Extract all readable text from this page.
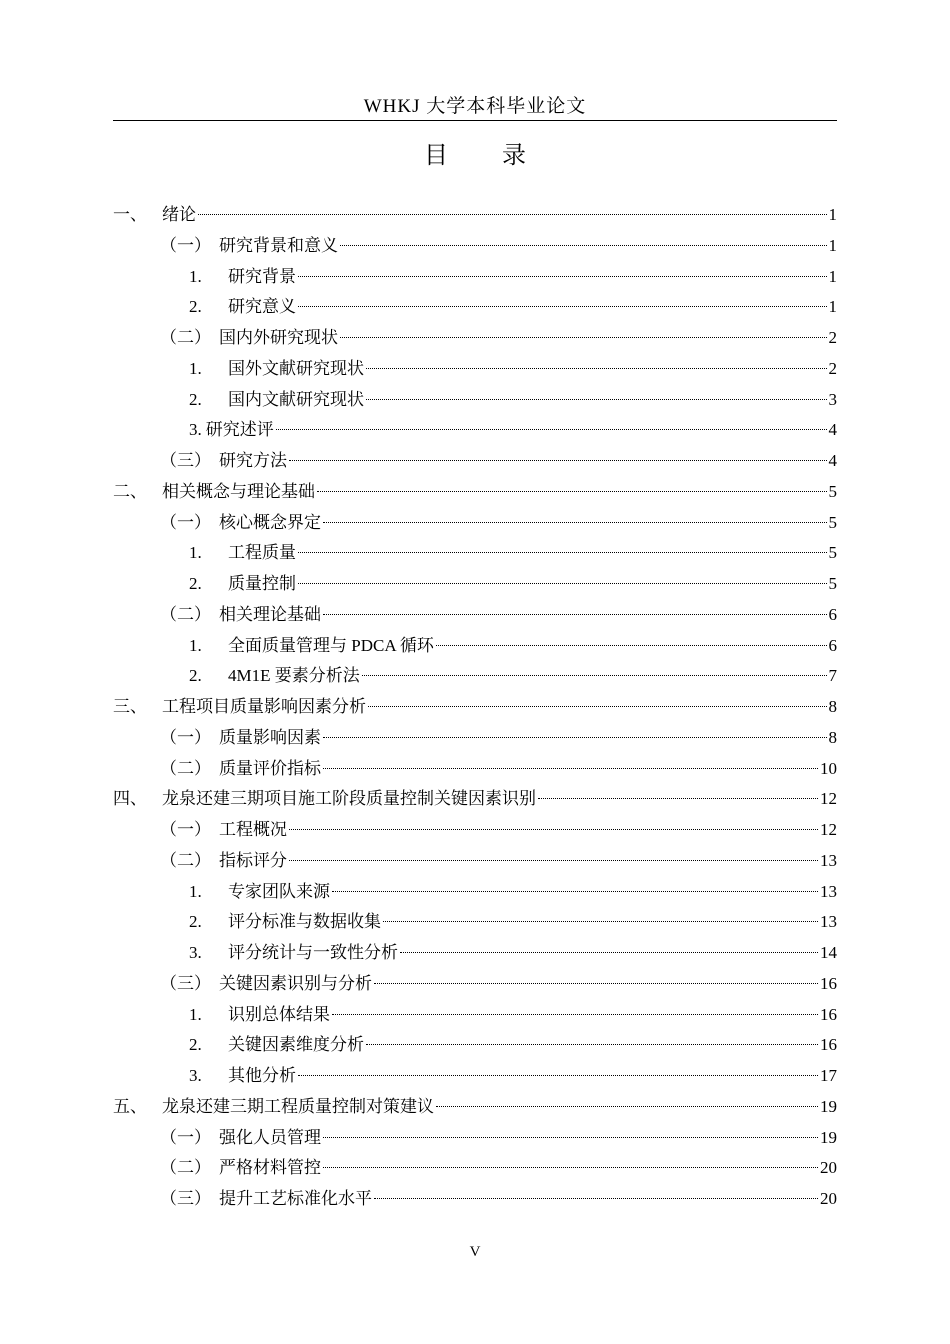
WHKJ 大学本科毕业论文
目 录
一、 绪论	1
（一） 研究背景和意义	1
1.	研究背景	1
2.	研究意义	1
（二） 国内外研究现状	2
1.	国外文献研究现状	2
2.	国内文献研究现状	3
3. 研究述评	4
（三） 研究方法	4
二、 相关概念与理论基础	5
（一） 核心概念界定	5
1.	工程质量	5
2.	质量控制	5
（二） 相关理论基础	6
1.	全面质量管理与 PDCA 循环	6
2.	4M1E 要素分析法	7
三、 工程项目质量影响因素分析	8
（一） 质量影响因素	8
（二） 质量评价指标	10
四、 龙泉还建三期项目施工阶段质量控制关键因素识别	12
（一） 工程概况	12
（二） 指标评分	13
1.	专家团队来源	13
2.	评分标准与数据收集	13
3.	评分统计与一致性分析	14
（三） 关键因素识别与分析	16
1.	识别总体结果	16
2.	关键因素维度分析	16
3.	其他分析	17
五、 龙泉还建三期工程质量控制对策建议	19
（一） 强化人员管理	19
（二） 严格材料管控	20
（三） 提升工艺标准化水平	20
V
